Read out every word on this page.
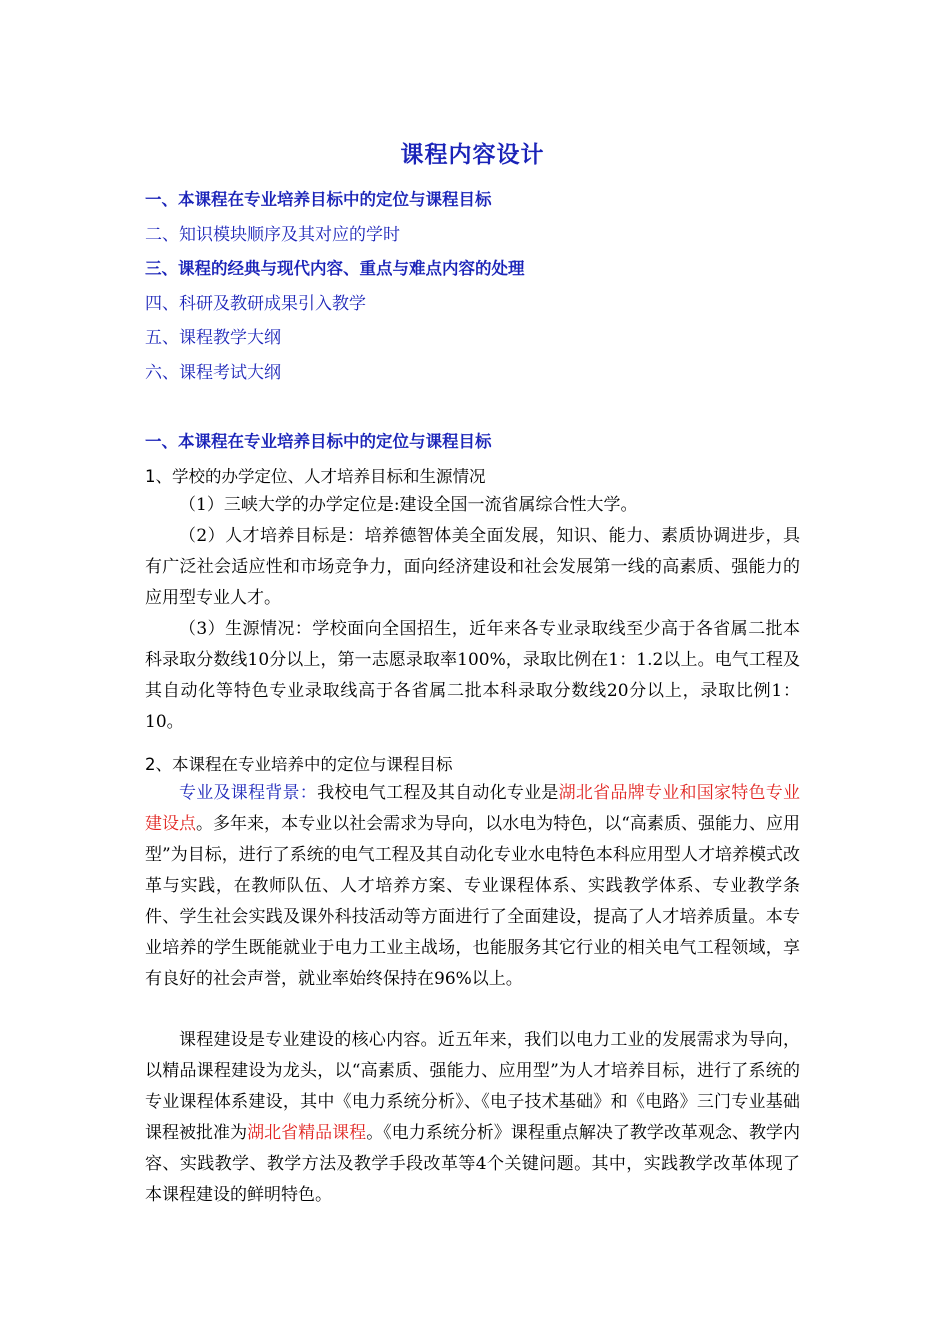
课程内容设计
一、本课程在专业培养目标中的定位与课程目标
二、知识模块顺序及其对应的学时
三、课程的经典与现代内容、重点与难点内容的处理
四、科研及教研成果引入教学
五、课程教学大纲
六、课程考试大纲
一、本课程在专业培养目标中的定位与课程目标
1、学校的办学定位、人才培养目标和生源情况

（1）三峡大学的办学定位是:建设全国一流省属综合性大学。

（2）人才培养目标是：培养德智体美全面发展，知识、能力、素质协调进步，具有广泛社会适应性和市场竞争力，面向经济建设和社会发展第一线的高素质、强能力的应用型专业人才。

（3）生源情况：学校面向全国招生，近年来各专业录取线至少高于各省属二批本科录取分数线10分以上，第一志愿录取率100%，录取比例在1：1.2以上。电气工程及其自动化等特色专业录取线高于各省属二批本科录取分数线20分以上，录取比例1：10。

2、本课程在专业培养中的定位与课程目标

专业及课程背景：我校电气工程及其自动化专业是湖北省品牌专业和国家特色专业建设点。多年来，本专业以社会需求为导向，以水电为特色，以“高素质、强能力、应用型”为目标，进行了系统的电气工程及其自动化专业水电特色本科应用型人才培养模式改革与实践，在教师队伍、人才培养方案、专业课程体系、实践教学体系、专业教学条件、学生社会实践及课外科技活动等方面进行了全面建设，提高了人才培养质量。本专业培养的学生既能就业于电力工业主战场，也能服务其它行业的相关电气工程领域，享有良好的社会声誉，就业率始终保持在96%以上。

课程建设是专业建设的核心内容。近五年来，我们以电力工业的发展需求为导向，以精品课程建设为龙头，以“高素质、强能力、应用型”为人才培养目标，进行了系统的专业课程体系建设，其中《电力系统分析》、《电子技术基础》和《电路》三门专业基础课程被批准为湖北省精品课程。《电力系统分析》课程重点解决了教学改革观念、教学内容、实践教学、教学方法及教学手段改革等4个关键问题。其中，实践教学改革体现了本课程建设的鲜明特色。
